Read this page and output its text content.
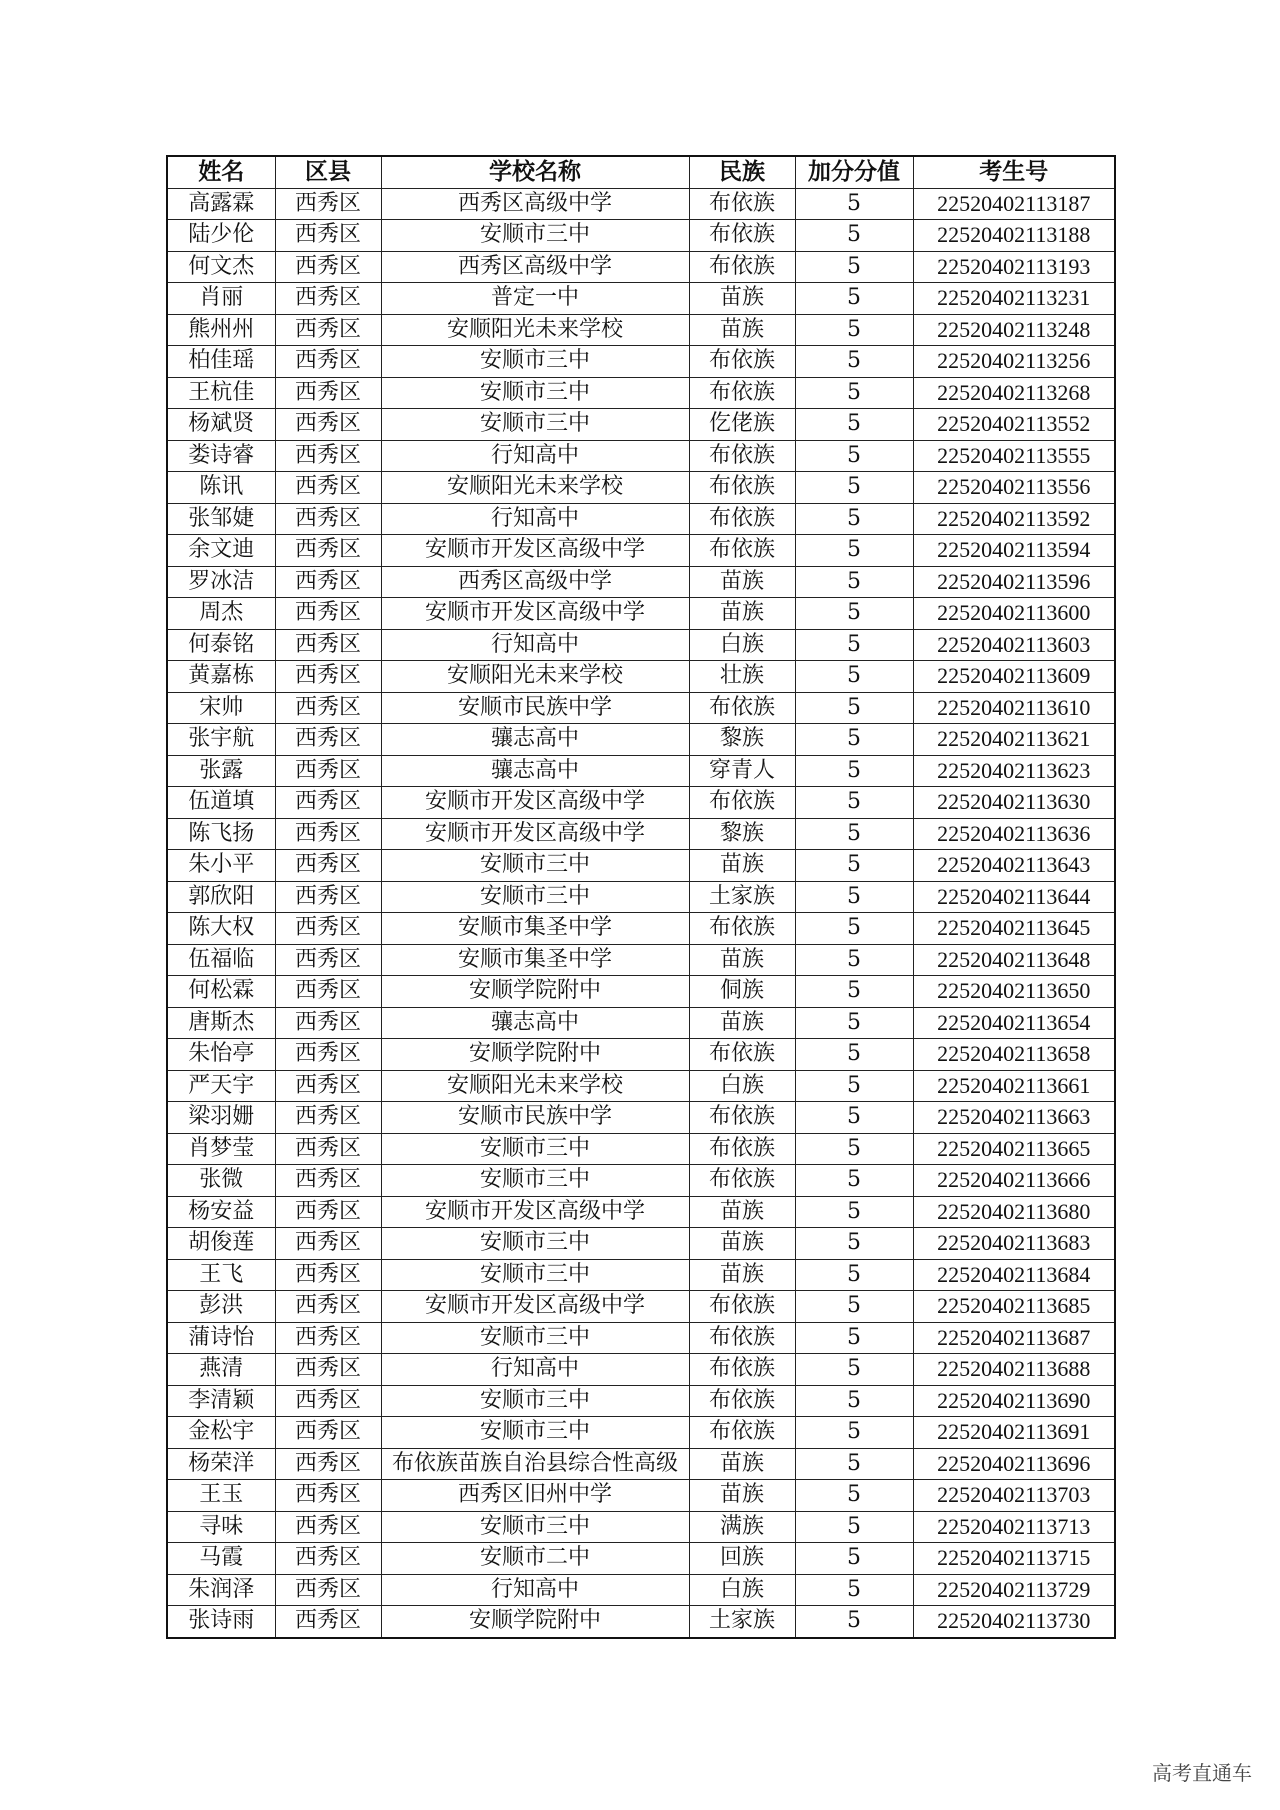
姓名	区县	学校名称	民族	加分分值	考生号
高露霖	西秀区	西秀区高级中学	布依族	5	22520402113187
陆少伦	西秀区	安顺市三中	布依族	5	22520402113188
何文杰	西秀区	西秀区高级中学	布依族	5	22520402113193
肖丽	西秀区	普定一中	苗族	5	22520402113231
熊州州	西秀区	安顺阳光未来学校	苗族	5	22520402113248
柏佳瑶	西秀区	安顺市三中	布依族	5	22520402113256
王杭佳	西秀区	安顺市三中	布依族	5	22520402113268
杨斌贤	西秀区	安顺市三中	仡佬族	5	22520402113552
娄诗睿	西秀区	行知高中	布依族	5	22520402113555
陈讯	西秀区	安顺阳光未来学校	布依族	5	22520402113556
张邹婕	西秀区	行知高中	布依族	5	22520402113592
余文迪	西秀区	安顺市开发区高级中学	布依族	5	22520402113594
罗冰洁	西秀区	西秀区高级中学	苗族	5	22520402113596
周杰	西秀区	安顺市开发区高级中学	苗族	5	22520402113600
何泰铭	西秀区	行知高中	白族	5	22520402113603
黄嘉栋	西秀区	安顺阳光未来学校	壮族	5	22520402113609
宋帅	西秀区	安顺市民族中学	布依族	5	22520402113610
张宇航	西秀区	骧志高中	黎族	5	22520402113621
张露	西秀区	骧志高中	穿青人	5	22520402113623
伍道填	西秀区	安顺市开发区高级中学	布依族	5	22520402113630
陈飞扬	西秀区	安顺市开发区高级中学	黎族	5	22520402113636
朱小平	西秀区	安顺市三中	苗族	5	22520402113643
郭欣阳	西秀区	安顺市三中	土家族	5	22520402113644
陈大权	西秀区	安顺市集圣中学	布依族	5	22520402113645
伍福临	西秀区	安顺市集圣中学	苗族	5	22520402113648
何松霖	西秀区	安顺学院附中	侗族	5	22520402113650
唐斯杰	西秀区	骧志高中	苗族	5	22520402113654
朱怡亭	西秀区	安顺学院附中	布依族	5	22520402113658
严天宇	西秀区	安顺阳光未来学校	白族	5	22520402113661
梁羽姗	西秀区	安顺市民族中学	布依族	5	22520402113663
肖梦莹	西秀区	安顺市三中	布依族	5	22520402113665
张微	西秀区	安顺市三中	布依族	5	22520402113666
杨安益	西秀区	安顺市开发区高级中学	苗族	5	22520402113680
胡俊莲	西秀区	安顺市三中	苗族	5	22520402113683
王飞	西秀区	安顺市三中	苗族	5	22520402113684
彭洪	西秀区	安顺市开发区高级中学	布依族	5	22520402113685
蒲诗怡	西秀区	安顺市三中	布依族	5	22520402113687
燕清	西秀区	行知高中	布依族	5	22520402113688
李清颖	西秀区	安顺市三中	布依族	5	22520402113690
金松宇	西秀区	安顺市三中	布依族	5	22520402113691
杨荣洋	西秀区	布依族苗族自治县综合性高级	苗族	5	22520402113696
王玉	西秀区	西秀区旧州中学	苗族	5	22520402113703
寻味	西秀区	安顺市三中	满族	5	22520402113713
马霞	西秀区	安顺市二中	回族	5	22520402113715
朱润泽	西秀区	行知高中	白族	5	22520402113729
张诗雨	西秀区	安顺学院附中	土家族	5	22520402113730
高考直通车
